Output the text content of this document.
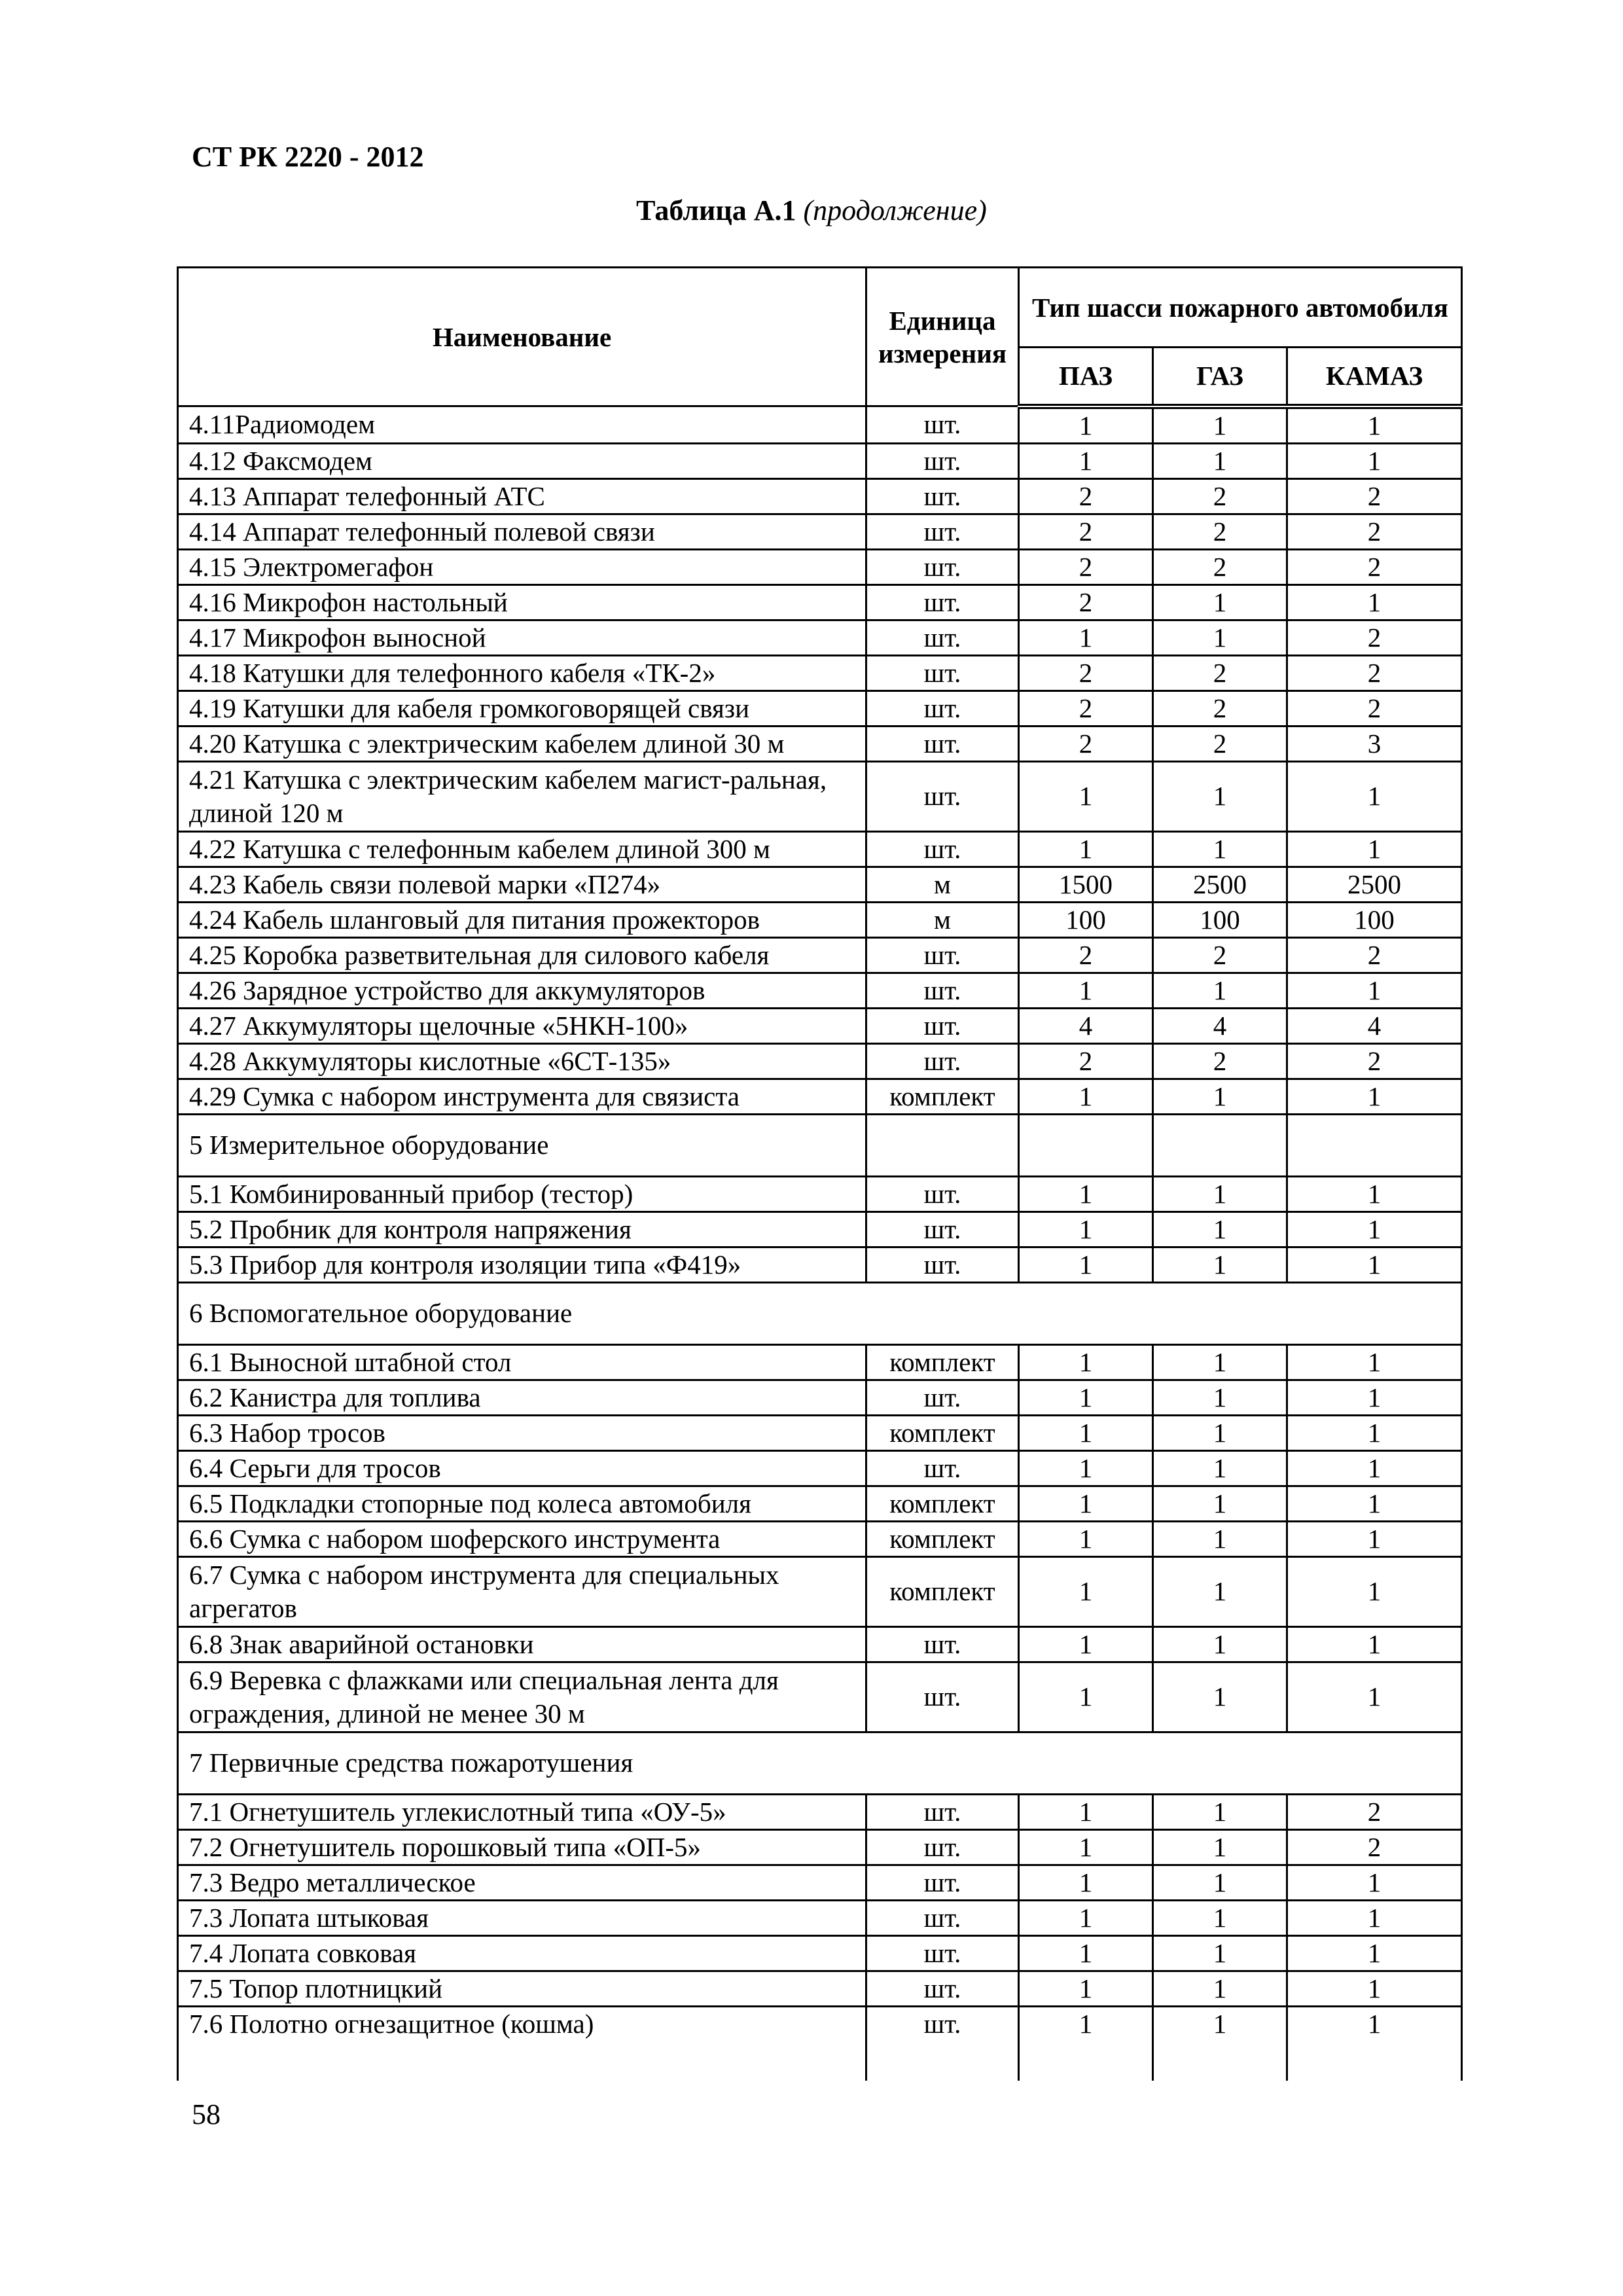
СТ РК 2220 - 2012
Таблица А.1 (продолжение)
Наименование	Единица измерения	Тип шасси пожарного автомобиля		
		ПАЗ	ГАЗ	КАМАЗ
4.11Радиомодем	шт.	1	1	1
4.12 Факсмодем	шт.	1	1	1
4.13 Аппарат телефонный АТС	шт.	2	2	2
4.14 Аппарат телефонный полевой связи	шт.	2	2	2
4.15 Электромегафон	шт.	2	2	2
4.16 Микрофон настольный	шт.	2	1	1
4.17 Микрофон выносной	шт.	1	1	2
4.18 Катушки для телефонного кабеля «ТК-2»	шт.	2	2	2
4.19 Катушки для кабеля громкоговорящей связи	шт.	2	2	2
4.20 Катушка с электрическим кабелем длиной 30 м	шт.	2	2	3
4.21 Катушка с электрическим кабелем магист-ральная, длиной 120 м	шт.	1	1	1
4.22 Катушка с телефонным кабелем длиной 300 м	шт.	1	1	1
4.23 Кабель связи полевой марки «П274»	м	1500	2500	2500
4.24 Кабель шланговый для питания прожекторов	м	100	100	100
4.25 Коробка разветвительная для силового кабеля	шт.	2	2	2
4.26 Зарядное устройство для аккумуляторов	шт.	1	1	1
4.27 Аккумуляторы щелочные «5НКН-100»	шт.	4	4	4
4.28 Аккумуляторы кислотные «6СТ-135»	шт.	2	2	2
4.29 Сумка с набором инструмента для связиста	комплект	1	1	1
5 Измерительное оборудование				
5.1 Комбинированный прибор (тестор)	шт.	1	1	1
5.2 Пробник для контроля напряжения	шт.	1	1	1
5.3 Прибор для контроля изоляции типа «Ф419»	шт.	1	1	1
6 Вспомогательное оборудование				
6.1 Выносной штабной стол	комплект	1	1	1
6.2 Канистра для топлива	шт.	1	1	1
6.3 Набор тросов	комплект	1	1	1
6.4 Серьги для тросов	шт.	1	1	1
6.5 Подкладки стопорные под колеса автомобиля	комплект	1	1	1
6.6 Сумка с набором шоферского инструмента	комплект	1	1	1
6.7 Сумка с набором инструмента для специальных агрегатов	комплект	1	1	1
6.8 Знак аварийной остановки	шт.	1	1	1
6.9 Веревка с флажками или специальная лента для ограждения, длиной не менее 30 м	шт.	1	1	1
7 Первичные средства пожаротушения				
7.1 Огнетушитель углекислотный типа «ОУ-5»	шт.	1	1	2
7.2 Огнетушитель порошковый типа «ОП-5»	шт.	1	1	2
7.3 Ведро металлическое	шт.	1	1	1
7.3 Лопата штыковая	шт.	1	1	1
7.4 Лопата совковая	шт.	1	1	1
7.5 Топор плотницкий	шт.	1	1	1
7.6 Полотно огнезащитное (кошма)	шт.	1	1	1
58
